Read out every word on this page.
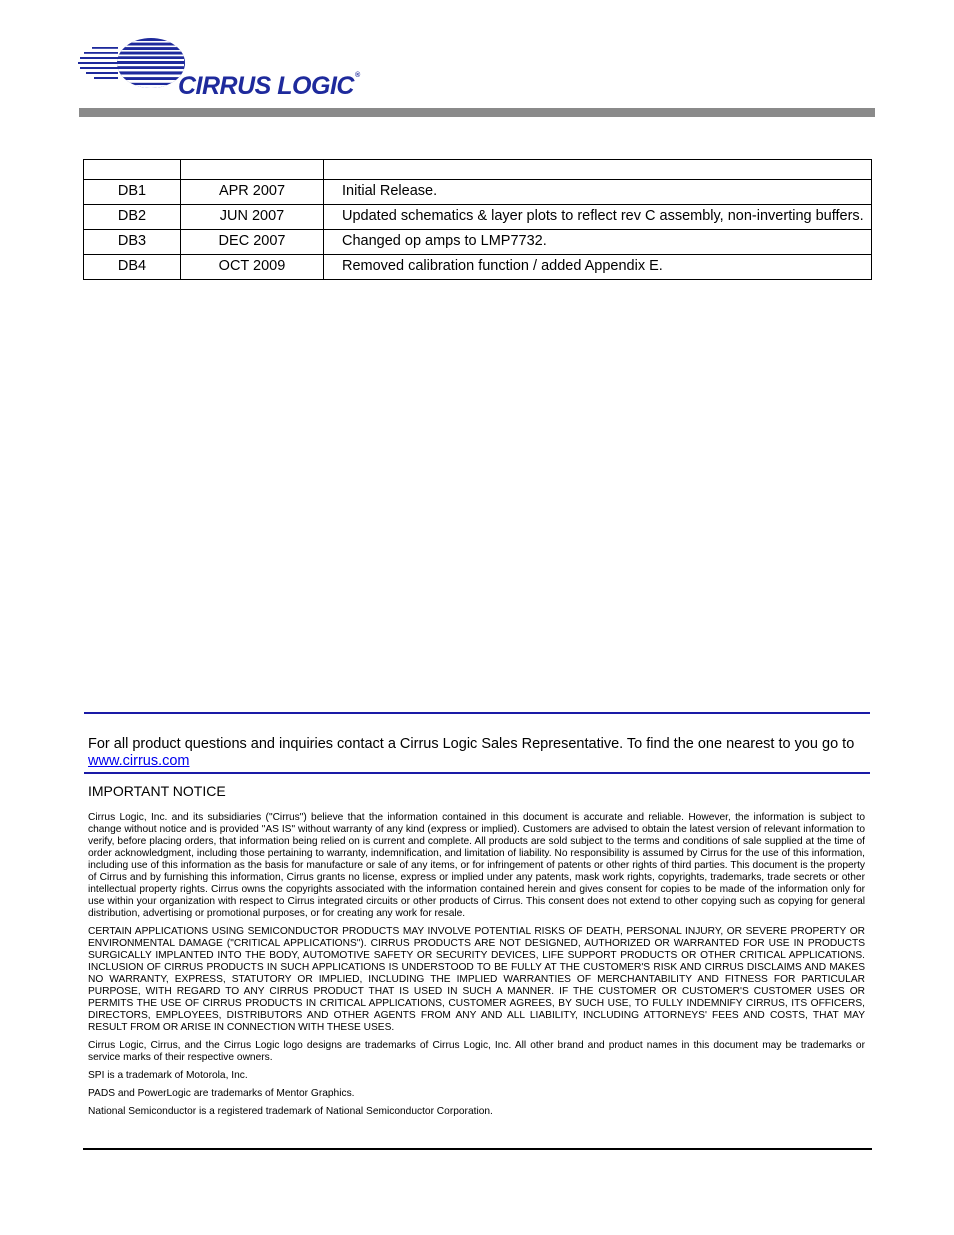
CIRRUS LOGIC®

DB1	APR 2007	Initial Release.
DB2	JUN 2007	Updated schematics & layer plots to reflect rev C assembly, non-inverting buffers.
DB3	DEC 2007	Changed op amps to LMP7732.
DB4	OCT 2009	Removed calibration function / added Appendix E.
For all product questions and inquiries contact a Cirrus Logic Sales Representative. To find the one nearest to you go to www.cirrus.com
IMPORTANT NOTICE

Cirrus Logic, Inc. and its subsidiaries ("Cirrus") believe that the information contained in this document is accurate and reliable. However, the information is subject to change without notice and is provided "AS IS" without warranty of any kind (express or implied). Customers are advised to obtain the latest version of relevant information to verify, before placing orders, that information being relied on is current and complete. All products are sold subject to the terms and conditions of sale supplied at the time of order acknowledgment, including those pertaining to warranty, indemnification, and limitation of liability. No responsibility is assumed by Cirrus for the use of this information, including use of this information as the basis for manufacture or sale of any items, or for infringement of patents or other rights of third parties. This document is the property of Cirrus and by furnishing this information, Cirrus grants no license, express or implied under any patents, mask work rights, copyrights, trademarks, trade secrets or other intellectual property rights. Cirrus owns the copyrights associated with the information contained herein and gives consent for copies to be made of the information only for use within your organization with respect to Cirrus integrated circuits or other products of Cirrus. This consent does not extend to other copying such as copying for general distribution, advertising or promotional purposes, or for creating any work for resale.

CERTAIN APPLICATIONS USING SEMICONDUCTOR PRODUCTS MAY INVOLVE POTENTIAL RISKS OF DEATH, PERSONAL INJURY, OR SEVERE PROPERTY OR ENVIRONMENTAL DAMAGE ("CRITICAL APPLICATIONS"). CIRRUS PRODUCTS ARE NOT DESIGNED, AUTHORIZED OR WARRANTED FOR USE IN PRODUCTS SURGICALLY IMPLANTED INTO THE BODY, AUTOMOTIVE SAFETY OR SECURITY DEVICES, LIFE SUPPORT PRODUCTS OR OTHER CRITICAL APPLICATIONS. INCLUSION OF CIRRUS PRODUCTS IN SUCH APPLICATIONS IS UNDERSTOOD TO BE FULLY AT THE CUSTOMER'S RISK AND CIRRUS DISCLAIMS AND MAKES NO WARRANTY, EXPRESS, STATUTORY OR IMPLIED, INCLUDING THE IMPLIED WARRANTIES OF MERCHANTABILITY AND FITNESS FOR PARTICULAR PURPOSE, WITH REGARD TO ANY CIRRUS PRODUCT THAT IS USED IN SUCH A MANNER. IF THE CUSTOMER OR CUSTOMER'S CUSTOMER USES OR PERMITS THE USE OF CIRRUS PRODUCTS IN CRITICAL APPLICATIONS, CUSTOMER AGREES, BY SUCH USE, TO FULLY INDEMNIFY CIRRUS, ITS OFFICERS, DIRECTORS, EMPLOYEES, DISTRIBUTORS AND OTHER AGENTS FROM ANY AND ALL LIABILITY, INCLUDING ATTORNEYS' FEES AND COSTS, THAT MAY RESULT FROM OR ARISE IN CONNECTION WITH THESE USES.

Cirrus Logic, Cirrus, and the Cirrus Logic logo designs are trademarks of Cirrus Logic, Inc. All other brand and product names in this document may be trademarks or service marks of their respective owners.

SPI is a trademark of Motorola, Inc.

PADS and PowerLogic are trademarks of Mentor Graphics.

National Semiconductor is a registered trademark of National Semiconductor Corporation.
